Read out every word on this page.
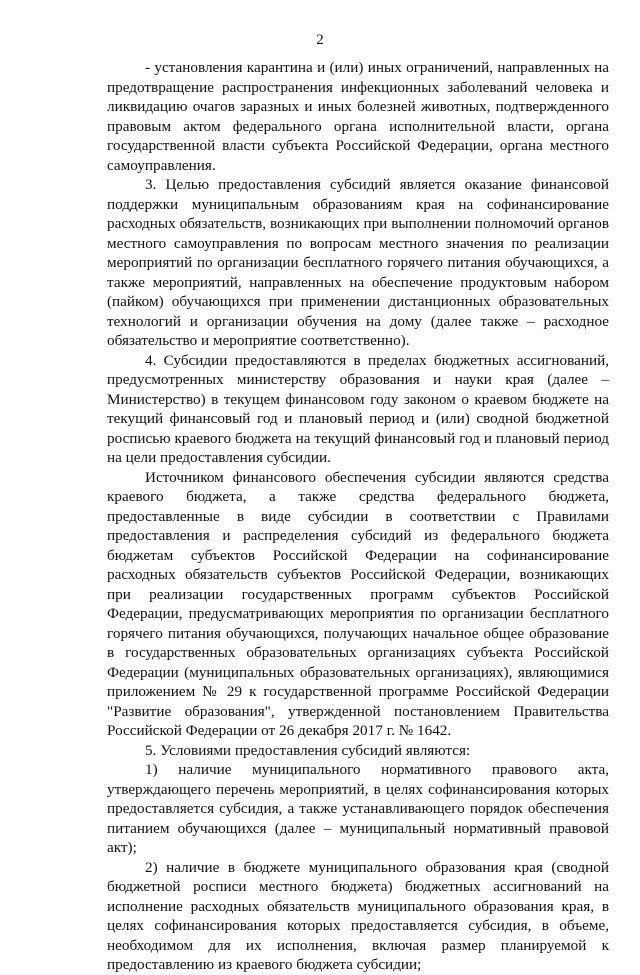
2

- установления карантина и (или) иных ограничений, направленных на предотвращение распространения инфекционных заболеваний человека и ликвидацию очагов заразных и иных болезней животных, подтвержденного правовым актом федерального органа исполнительной власти, органа государственной власти субъекта Российской Федерации, органа местного самоуправления.

3. Целью предоставления субсидий является оказание финансовой поддержки муниципальным образованиям края на софинансирование расходных обязательств, возникающих при выполнении полномочий органов местного самоуправления по вопросам местного значения по реализации мероприятий по организации бесплатного горячего питания обучающихся, а также мероприятий, направленных на обеспечение продуктовым набором (пайком) обучающихся при применении дистанционных образовательных технологий и организации обучения на дому (далее также – расходное обязательство и мероприятие соответственно).

4. Субсидии предоставляются в пределах бюджетных ассигнований, предусмотренных министерству образования и науки края (далее – Министерство) в текущем финансовом году законом о краевом бюджете на текущий финансовый год и плановый период и (или) сводной бюджетной росписью краевого бюджета на текущий финансовый год и плановый период на цели предоставления субсидии.

Источником финансового обеспечения субсидии являются средства краевого бюджета, а также средства федерального бюджета, предоставленные в виде субсидии в соответствии с Правилами предоставления и распределения субсидий из федерального бюджета бюджетам субъектов Российской Федерации на софинансирование расходных обязательств субъектов Российской Федерации, возникающих при реализации государственных программ субъектов Российской Федерации, предусматривающих мероприятия по организации бесплатного горячего питания обучающихся, получающих начальное общее образование в государственных образовательных организациях субъекта Российской Федерации (муниципальных образовательных организациях), являющимися приложением № 29 к государственной программе Российской Федерации "Развитие образования", утвержденной постановлением Правительства Российской Федерации от 26 декабря 2017 г. № 1642.

5. Условиями предоставления субсидий являются:

1) наличие муниципального нормативного правового акта, утверждающего перечень мероприятий, в целях софинансирования которых предоставляется субсидия, а также устанавливающего порядок обеспечения питанием обучающихся (далее – муниципальный нормативный правовой акт);

2) наличие в бюджете муниципального образования края (сводной бюджетной росписи местного бюджета) бюджетных ассигнований на исполнение расходных обязательств муниципального образования края, в целях софинансирования которых предоставляется субсидия, в объеме, необходимом для их исполнения, включая размер планируемой к предоставлению из краевого бюджета субсидии;
